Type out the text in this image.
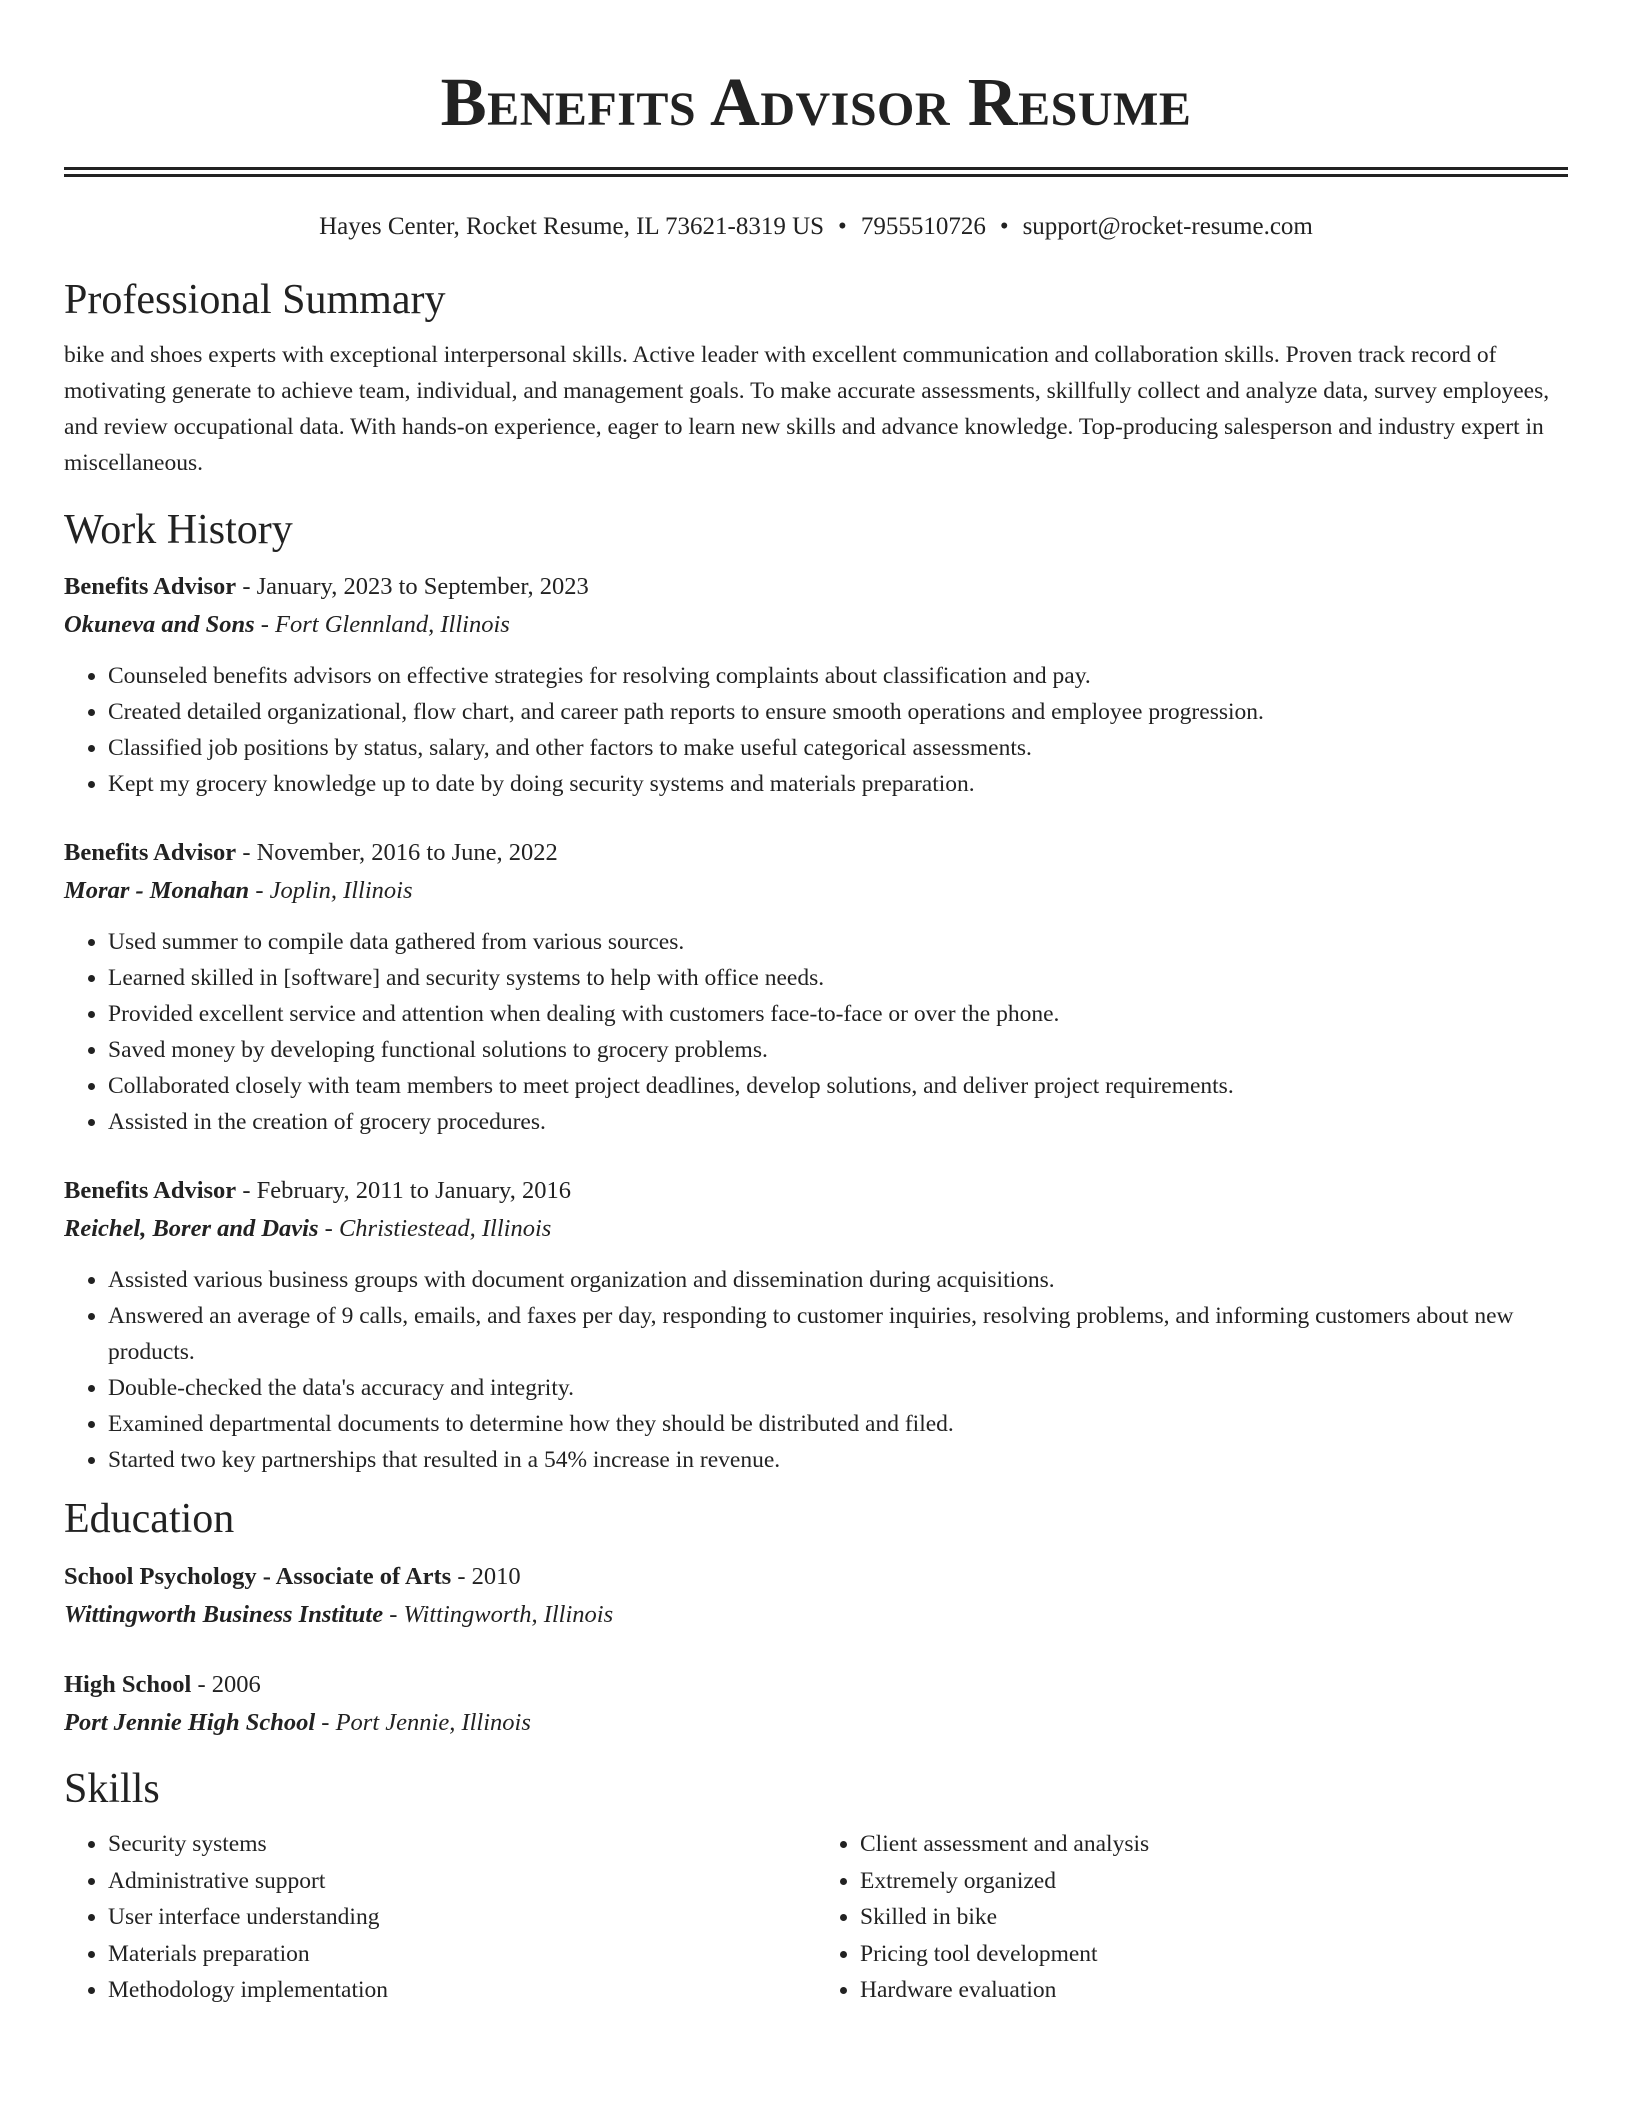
Benefits Advisor Resume
Hayes Center, Rocket Resume, IL 73621-8319 US • 7955510726 • support@rocket-resume.com
Professional Summary
bike and shoes experts with exceptional interpersonal skills. Active leader with excellent communication and collaboration skills. Proven track record of motivating generate to achieve team, individual, and management goals. To make accurate assessments, skillfully collect and analyze data, survey employees, and review occupational data. With hands-on experience, eager to learn new skills and advance knowledge. Top-producing salesperson and industry expert in miscellaneous.
Work History
Benefits Advisor - January, 2023 to September, 2023
Okuneva and Sons - Fort Glennland, Illinois
• Counseled benefits advisors on effective strategies for resolving complaints about classification and pay.
• Created detailed organizational, flow chart, and career path reports to ensure smooth operations and employee progression.
• Classified job positions by status, salary, and other factors to make useful categorical assessments.
• Kept my grocery knowledge up to date by doing security systems and materials preparation.
Benefits Advisor - November, 2016 to June, 2022
Morar - Monahan - Joplin, Illinois
• Used summer to compile data gathered from various sources.
• Learned skilled in [software] and security systems to help with office needs.
• Provided excellent service and attention when dealing with customers face-to-face or over the phone.
• Saved money by developing functional solutions to grocery problems.
• Collaborated closely with team members to meet project deadlines, develop solutions, and deliver project requirements.
• Assisted in the creation of grocery procedures.
Benefits Advisor - February, 2011 to January, 2016
Reichel, Borer and Davis - Christiestead, Illinois
• Assisted various business groups with document organization and dissemination during acquisitions.
• Answered an average of 9 calls, emails, and faxes per day, responding to customer inquiries, resolving problems, and informing customers about new products.
• Double-checked the data's accuracy and integrity.
• Examined departmental documents to determine how they should be distributed and filed.
• Started two key partnerships that resulted in a 54% increase in revenue.
Education
School Psychology - Associate of Arts - 2010
Wittingworth Business Institute - Wittingworth, Illinois
High School - 2006
Port Jennie High School - Port Jennie, Illinois
Skills
• Security systems
• Administrative support
• User interface understanding
• Materials preparation
• Methodology implementation
• Client assessment and analysis
• Extremely organized
• Skilled in bike
• Pricing tool development
• Hardware evaluation
